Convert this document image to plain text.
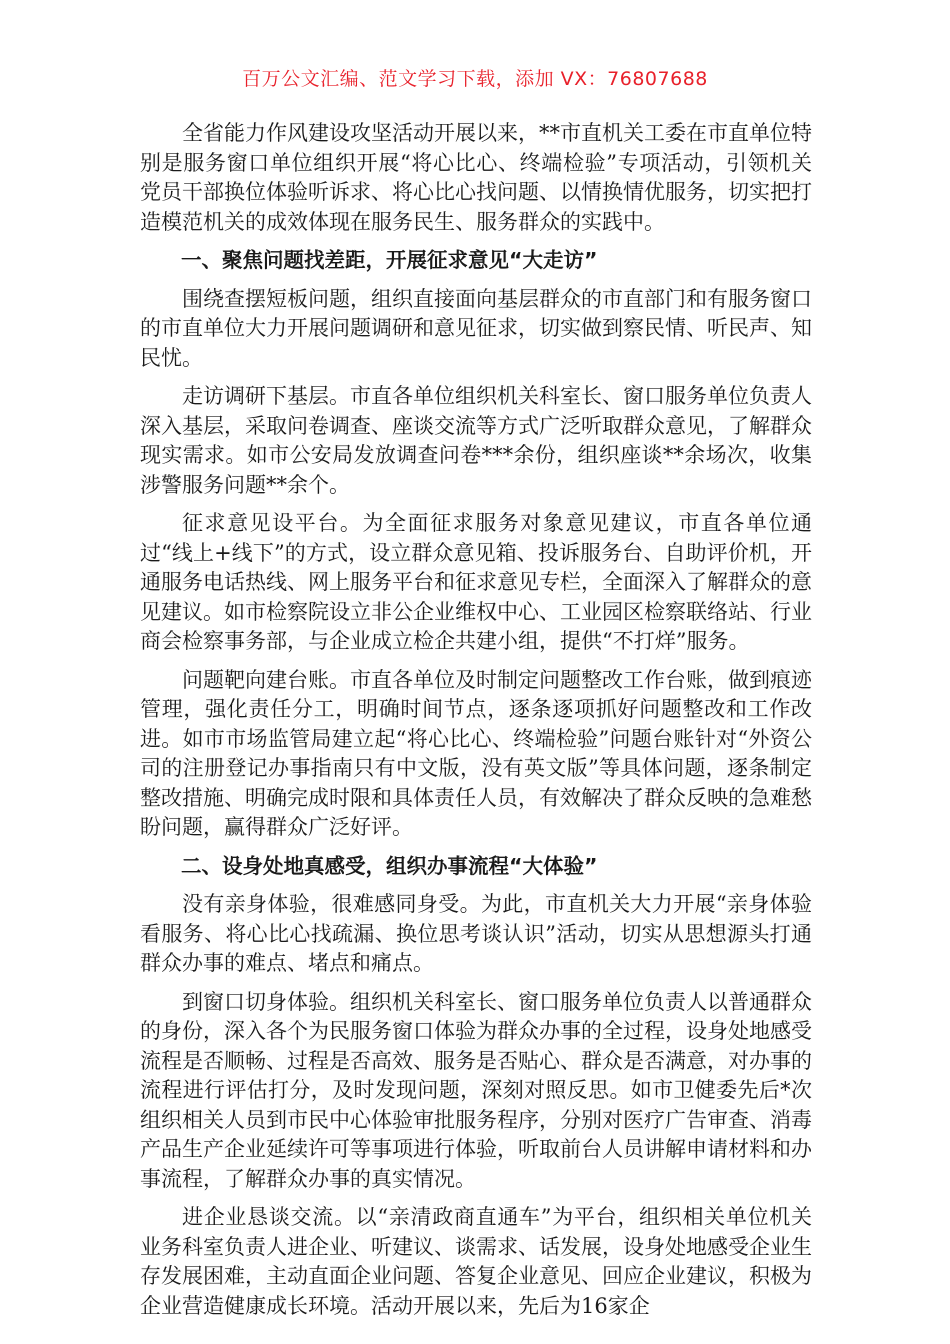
百万公文汇编、范文学习下载，添加 VX：76807688

全省能力作风建设攻坚活动开展以来，**市直机关工委在市直单位特别是服务窗口单位组织开展“将心比心、终端检验”专项活动，引领机关党员干部换位体验听诉求、将心比心找问题、以情换情优服务，切实把打造模范机关的成效体现在服务民生、服务群众的实践中。

一、聚焦问题找差距，开展征求意见“大走访”

围绕查摆短板问题，组织直接面向基层群众的市直部门和有服务窗口的市直单位大力开展问题调研和意见征求，切实做到察民情、听民声、知民忧。

走访调研下基层。市直各单位组织机关科室长、窗口服务单位负责人深入基层，采取问卷调查、座谈交流等方式广泛听取群众意见，了解群众现实需求。如市公安局发放调查问卷***余份，组织座谈**余场次，收集涉警服务问题**余个。

征求意见设平台。为全面征求服务对象意见建议，市直各单位通过“线上+线下”的方式，设立群众意见箱、投诉服务台、自助评价机，开通服务电话热线、网上服务平台和征求意见专栏，全面深入了解群众的意见建议。如市检察院设立非公企业维权中心、工业园区检察联络站、行业商会检察事务部，与企业成立检企共建小组，提供“不打烊”服务。

问题靶向建台账。市直各单位及时制定问题整改工作台账，做到痕迹管理，强化责任分工，明确时间节点，逐条逐项抓好问题整改和工作改进。如市市场监管局建立起“将心比心、终端检验”问题台账针对“外资公司的注册登记办事指南只有中文版，没有英文版”等具体问题，逐条制定整改措施、明确完成时限和具体责任人员，有效解决了群众反映的急难愁盼问题，赢得群众广泛好评。

二、设身处地真感受，组织办事流程“大体验”

没有亲身体验，很难感同身受。为此，市直机关大力开展“亲身体验看服务、将心比心找疏漏、换位思考谈认识”活动，切实从思想源头打通群众办事的难点、堵点和痛点。

到窗口切身体验。组织机关科室长、窗口服务单位负责人以普通群众的身份，深入各个为民服务窗口体验为群众办事的全过程，设身处地感受流程是否顺畅、过程是否高效、服务是否贴心、群众是否满意，对办事的流程进行评估打分，及时发现问题，深刻对照反思。如市卫健委先后*次组织相关人员到市民中心体验审批服务程序，分别对医疗广告审查、消毒产品生产企业延续许可等事项进行体验，听取前台人员讲解申请材料和办事流程，了解群众办事的真实情况。

进企业恳谈交流。以“亲清政商直通车”为平台，组织相关单位机关业务科室负责人进企业、听建议、谈需求、话发展，设身处地感受企业生存发展困难，主动直面企业问题、答复企业意见、回应企业建议，积极为企业营造健康成长环境。活动开展以来，先后为16家企
